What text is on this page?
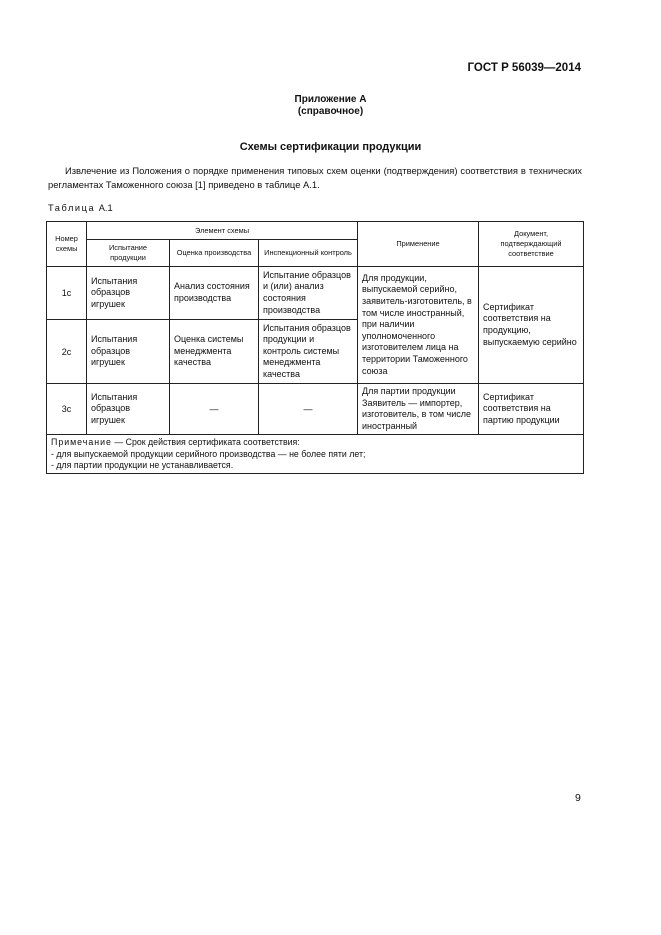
ГОСТ Р 56039—2014
Приложение А
(справочное)
Схемы сертификации продукции
Извлечение из Положения о порядке применения типовых схем оценки (подтверждения) соответствия в технических регламентах Таможенного союза [1] приведено в таблице А.1.
Таблица А.1
Номер схемы	Элемент схемы			Применение	Документ, подтверждающий соответствие
	Испытание продукции	Оценка производства	Инспекционный контроль		
1с	Испытания образцов игрушек	Анализ состояния производства	Испытание образцов и (или) анализ состояния производства	Для продукции, выпускаемой серийно, заявитель-изготовитель, в том числе иностранный, при наличии уполномоченного изготовителем лица на территории Таможенного союза	Сертификат соответствия на продукцию, выпускаемую серийно
2с	Испытания образцов игрушек	Оценка системы менеджмента качества	Испытания образцов продукции и контроль системы менеджмента качества		
3с	Испытания образцов игрушек	—	—	Для партии продукции Заявитель — импортер, изготовитель, в том числе иностранный	Сертификат соответствия на партию продукции

Примечание — Срок действия сертификата соответствия:
- для выпускаемой продукции серийного производства — не более пяти лет;
- для партии продукции не устанавливается.					
9
